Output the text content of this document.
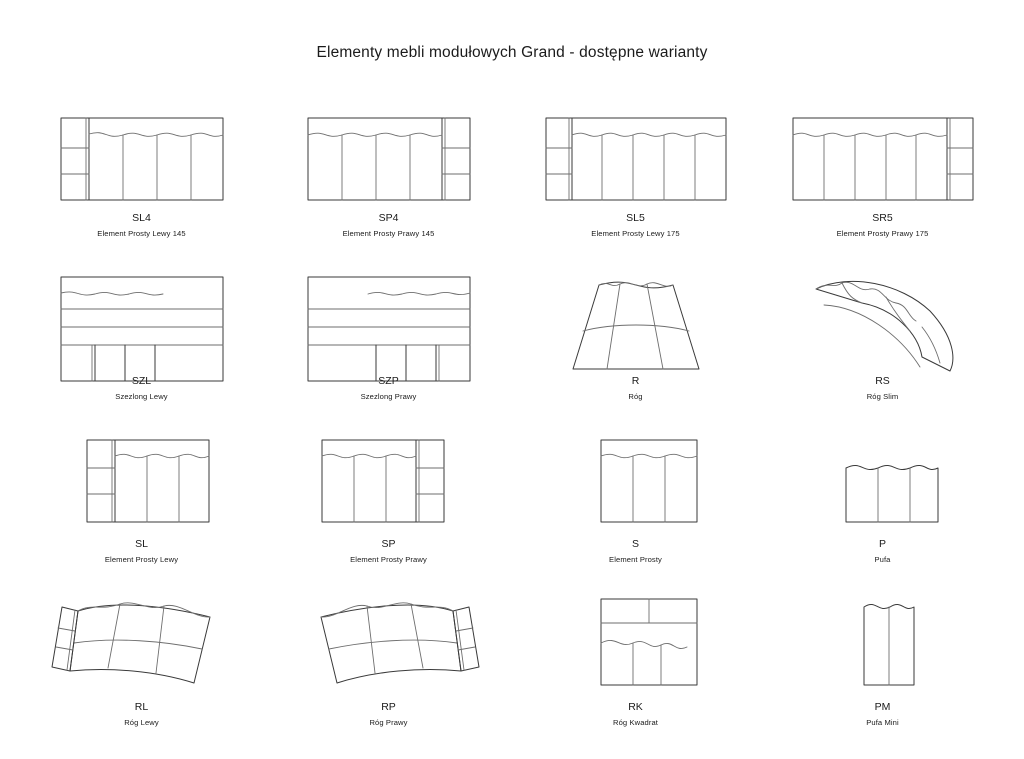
Elementy mebli modułowych Grand - dostępne warianty
SL4
Element Prosty Lewy 145
SP4
Element Prosty Prawy 145
SL5
Element Prosty Lewy 175
SR5
Element Prosty Prawy 175
SZL
Szezlong Lewy
SZP
Szezlong Prawy
R
Róg
RS
Róg Slim
SL
Element Prosty Lewy
SP
Element Prosty Prawy
S
Element Prosty
P
Pufa
RL
Róg Lewy
RP
Róg Prawy
RK
Róg Kwadrat
PM
Pufa Mini
